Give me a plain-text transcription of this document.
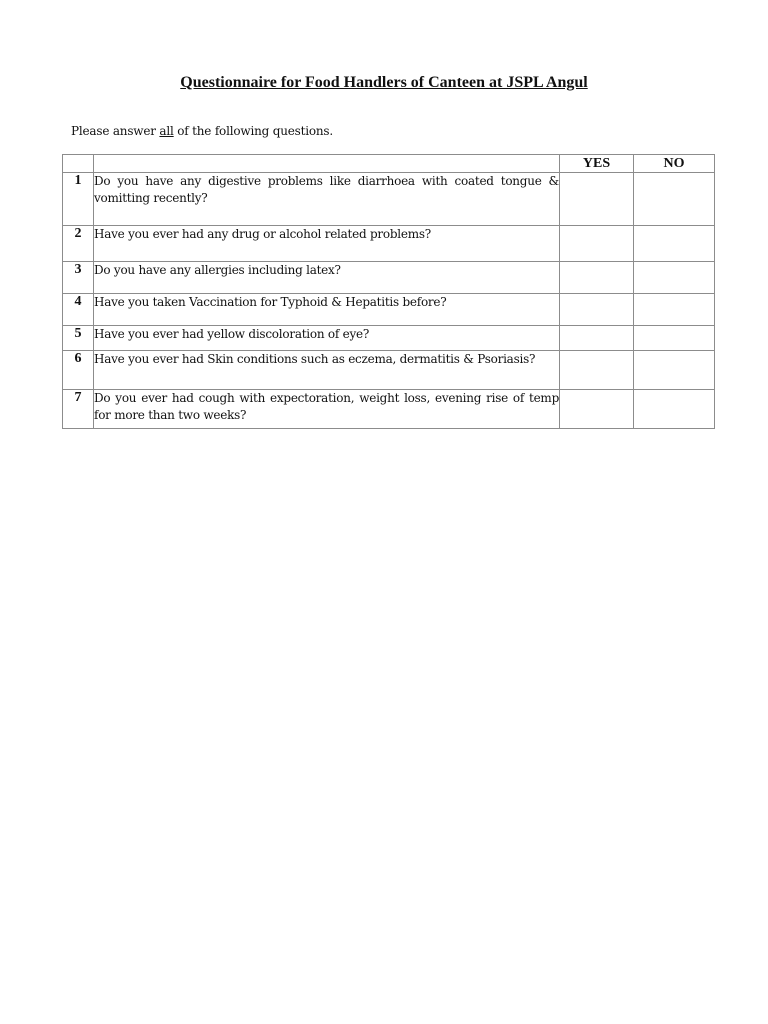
Questionnaire for Food Handlers of Canteen at JSPL Angul
Please answer all of the following questions.
		YES	NO
1	Do you have any digestive problems like diarrhoea with coated tongue & vomitting recently?		
2	Have you ever had any drug or alcohol related problems?		
3	Do you have any allergies including latex?		
4	Have you taken Vaccination for Typhoid & Hepatitis before?		
5	Have you ever had yellow discoloration of eye?		
6	Have you ever had Skin conditions such as eczema, dermatitis & Psoriasis?		
7	Do you ever had cough with expectoration, weight loss, evening rise of temp for more than two weeks?		
